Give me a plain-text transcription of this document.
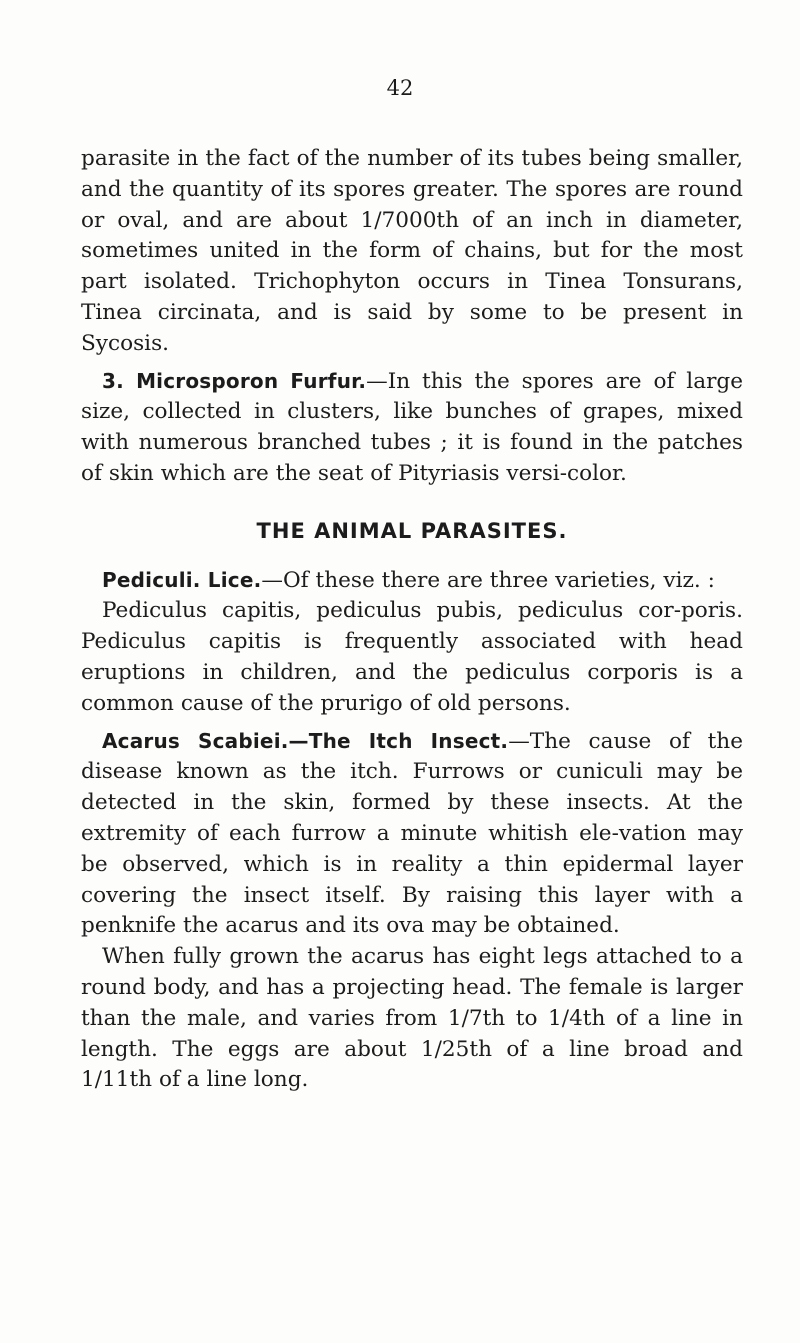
42

parasite in the fact of the number of its tubes being smaller, and the quantity of its spores greater. The spores are round or oval, and are about 1/7000th of an inch in diameter, sometimes united in the form of chains, but for the most part isolated. Trichophyton occurs in Tinea Tonsurans, Tinea circinata, and is said by some to be present in Sycosis.

3. Microsporon Furfur.—In this the spores are of large size, collected in clusters, like bunches of grapes, mixed with numerous branched tubes ; it is found in the patches of skin which are the seat of Pityriasis versi-color.

THE ANIMAL PARASITES.

Pediculi. Lice.—Of these there are three varieties, viz. :

Pediculus capitis, pediculus pubis, pediculus cor-poris. Pediculus capitis is frequently associated with head eruptions in children, and the pediculus corporis is a common cause of the prurigo of old persons.

Acarus Scabiei.—The Itch Insect.—The cause of the disease known as the itch. Furrows or cuniculi may be detected in the skin, formed by these insects. At the extremity of each furrow a minute whitish ele-vation may be observed, which is in reality a thin epidermal layer covering the insect itself. By raising this layer with a penknife the acarus and its ova may be obtained.

When fully grown the acarus has eight legs attached to a round body, and has a projecting head. The female is larger than the male, and varies from 1/7th to 1/4th of a line in length. The eggs are about 1/25th of a line broad and 1/11th of a line long.
